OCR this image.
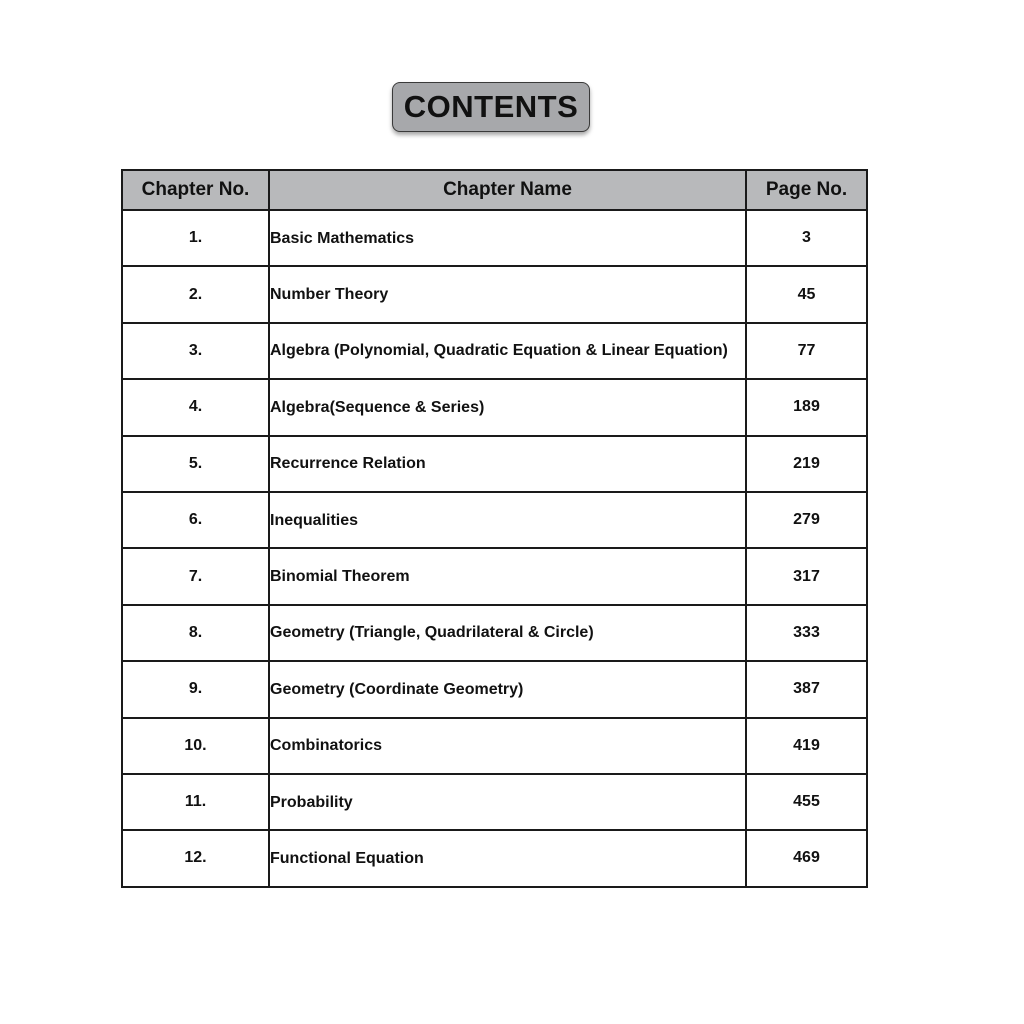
CONTENTS
Chapter No.	Chapter Name	Page No.
1.	Basic Mathematics	3
2.	Number Theory	45
3.	Algebra (Polynomial, Quadratic Equation & Linear Equation)	77
4.	Algebra(Sequence & Series)	189
5.	Recurrence Relation	219
6.	Inequalities	279
7.	Binomial Theorem	317
8.	Geometry (Triangle, Quadrilateral & Circle)	333
9.	Geometry (Coordinate Geometry)	387
10.	Combinatorics	419
11.	Probability	455
12.	Functional Equation	469
